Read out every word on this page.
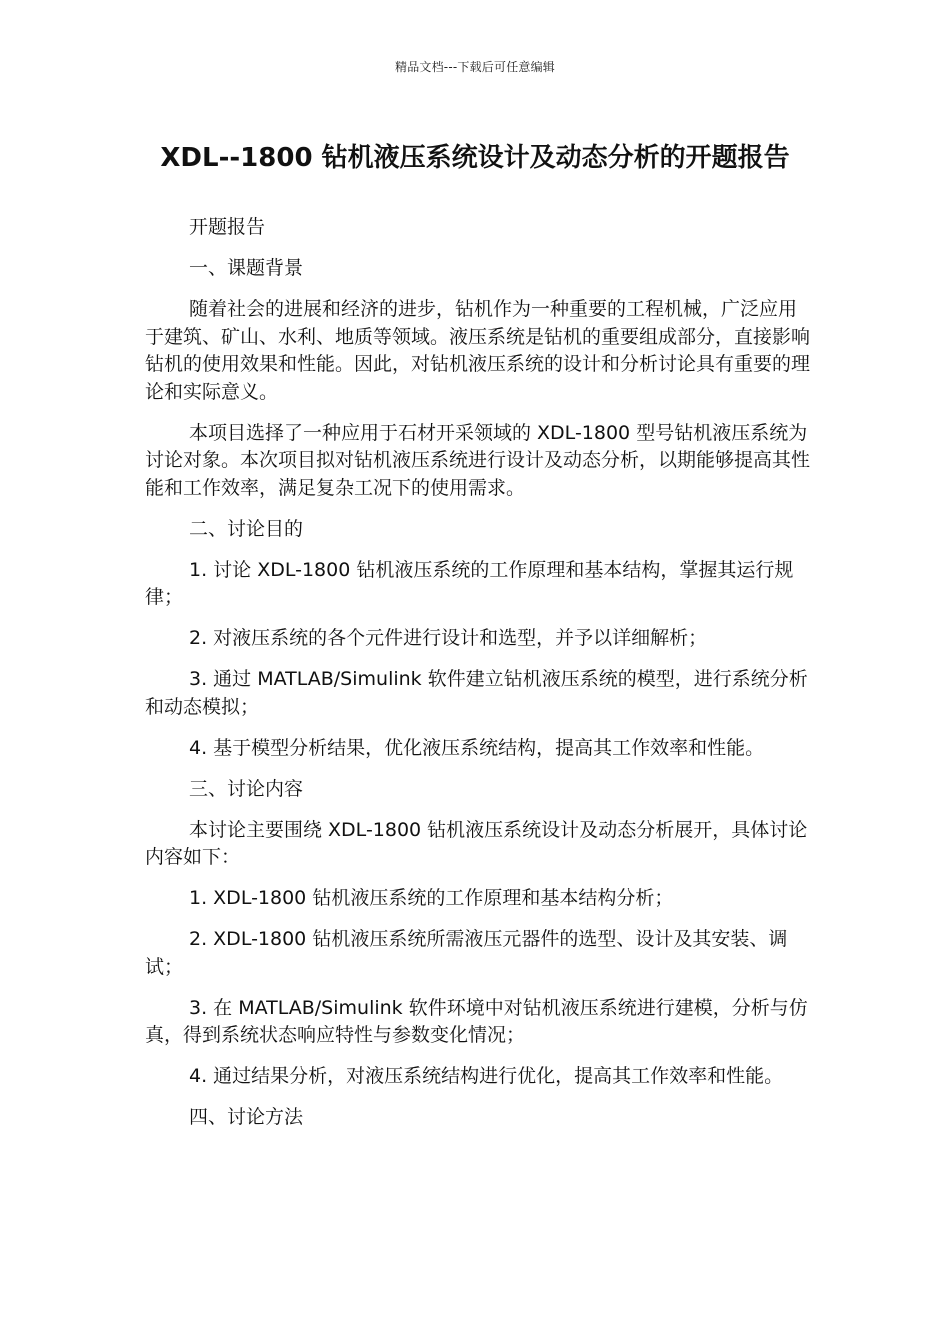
精品文档---下载后可任意编辑
XDL--1800 钻机液压系统设计及动态分析的开题报告

开题报告

一、课题背景

随着社会的进展和经济的进步，钻机作为一种重要的工程机械，广泛应用于建筑、矿山、水利、地质等领域。液压系统是钻机的重要组成部分，直接影响钻机的使用效果和性能。因此，对钻机液压系统的设计和分析讨论具有重要的理论和实际意义。

本项目选择了一种应用于石材开采领域的 XDL-1800 型号钻机液压系统为讨论对象。本次项目拟对钻机液压系统进行设计及动态分析，以期能够提高其性能和工作效率，满足复杂工况下的使用需求。

二、讨论目的

1. 讨论 XDL-1800 钻机液压系统的工作原理和基本结构，掌握其运行规律；

2. 对液压系统的各个元件进行设计和选型，并予以详细解析；

3. 通过 MATLAB/Simulink 软件建立钻机液压系统的模型，进行系统分析和动态模拟；

4. 基于模型分析结果，优化液压系统结构，提高其工作效率和性能。

三、讨论内容

本讨论主要围绕 XDL-1800 钻机液压系统设计及动态分析展开，具体讨论内容如下：

1. XDL-1800 钻机液压系统的工作原理和基本结构分析；

2. XDL-1800 钻机液压系统所需液压元器件的选型、设计及其安装、调试；

3. 在 MATLAB/Simulink 软件环境中对钻机液压系统进行建模，分析与仿真，得到系统状态响应特性与参数变化情况；

4. 通过结果分析，对液压系统结构进行优化，提高其工作效率和性能。

四、讨论方法
